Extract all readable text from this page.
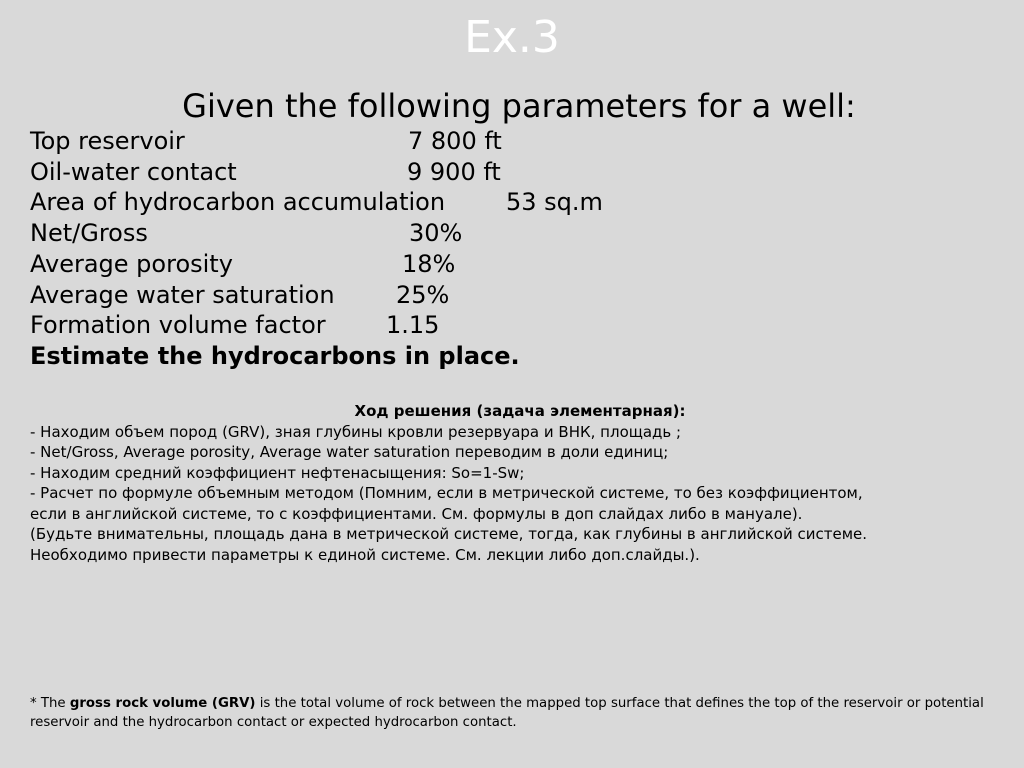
Ex.3
Given the following parameters for a well:
Top reservoir	7 800 ft
Oil-water contact	9 900 ft
Area of hydrocarbon accumulation	53 sq.m
Net/Gross	30%
Average porosity	18%
Average water saturation	25%
Formation volume factor	1.15
Estimate the hydrocarbons in place.
Ход решения (задача элементарная):
- Находим объем пород (GRV), зная глубины кровли резервуара и ВНК, площадь ;
- Net/Gross, Average porosity, Average water saturation переводим в доли единиц;
- Находим средний коэффициент нефтенасыщения: So=1-Sw;
- Расчет по формуле объемным методом (Помним, если в метрической системе, то без коэффициентом,
если в английской системе, то с коэффициентами. См. формулы в доп слайдах либо в мануале).
(Будьте внимательны, площадь дана в метрической системе, тогда, как глубины в английской системе.
Необходимо привести параметры к единой системе. См. лекции либо доп.слайды.).
* The gross rock volume (GRV) is the total volume of rock between the mapped top surface that defines the top of the reservoir or potential reservoir and the hydrocarbon contact or expected hydrocarbon contact.
